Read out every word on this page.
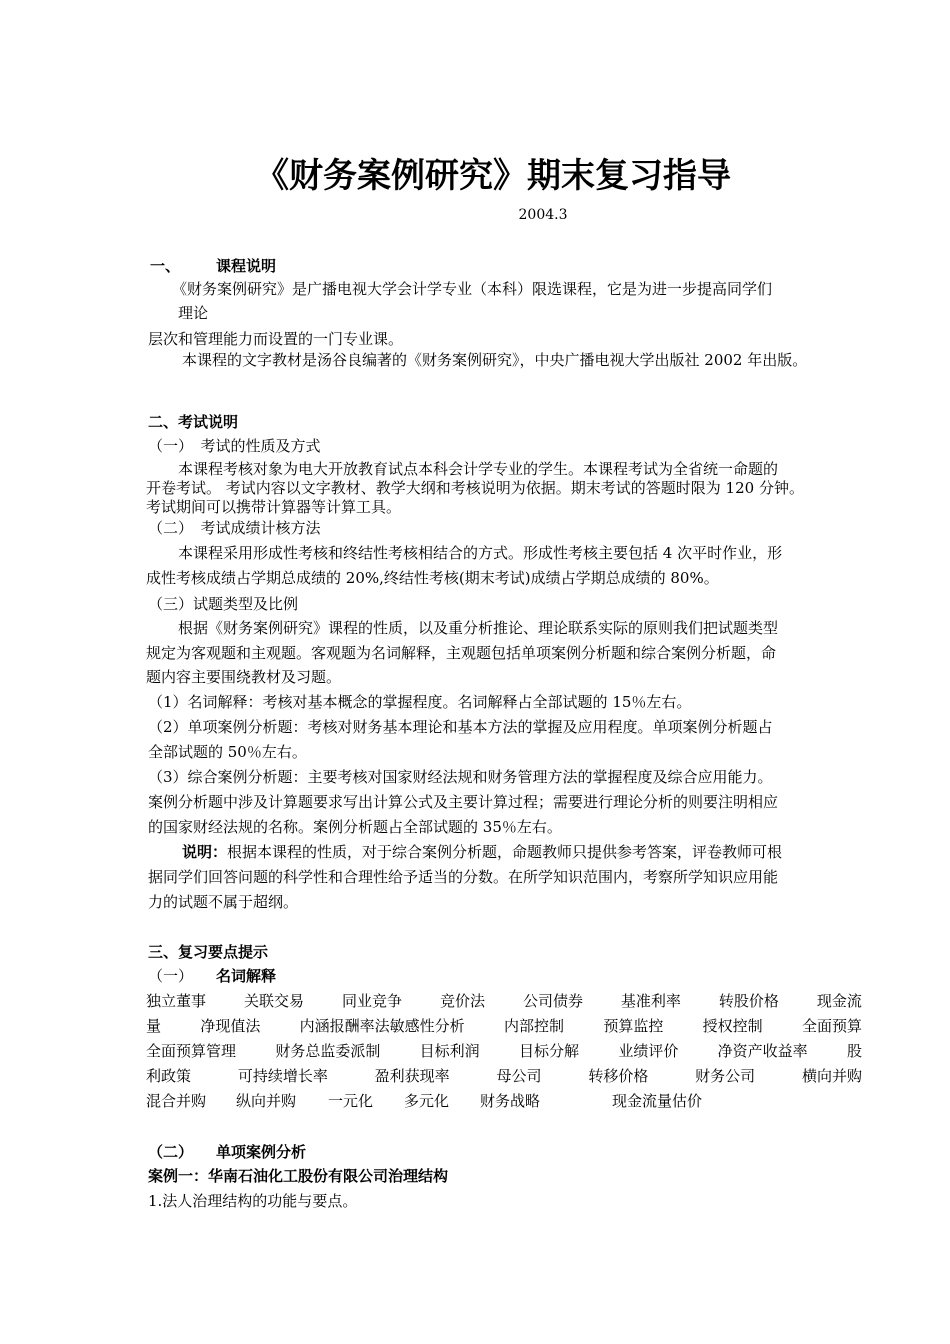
《财务案例研究》期末复习指导
2004.3
一、 课程说明
《财务案例研究》是广播电视大学会计学专业（本科）限选课程，它是为进一步提高同学们
理论
层次和管理能力而设置的一门专业课。
本课程的文字教材是汤谷良编著的《财务案例研究》，中央广播电视大学出版社 2002 年出版。
二、考试说明
（一）　考试的性质及方式
本课程考核对象为电大开放教育试点本科会计学专业的学生。本课程考试为全省统一命题的
开卷考试。 考试内容以文字教材、教学大纲和考核说明为依据。期末考试的答题时限为 120 分钟。
考试期间可以携带计算器等计算工具。
（二）　考试成绩计核方法
本课程采用形成性考核和终结性考核相结合的方式。形成性考核主要包括 4 次平时作业，形
成性考核成绩占学期总成绩的 20%,终结性考核(期末考试)成绩占学期总成绩的 80%。
（三）试题类型及比例
根据《财务案例研究》课程的性质，以及重分析推论、理论联系实际的原则我们把试题类型
规定为客观题和主观题。客观题为名词解释，主观题包括单项案例分析题和综合案例分析题，命
题内容主要围绕教材及习题。
（1）名词解释：考核对基本概念的掌握程度。名词解释占全部试题的 15％左右。
（2）单项案例分析题：考核对财务基本理论和基本方法的掌握及应用程度。单项案例分析题占
全部试题的 50％左右。
（3）综合案例分析题：主要考核对国家财经法规和财务管理方法的掌握程度及综合应用能力。
案例分析题中涉及计算题要求写出计算公式及主要计算过程；需要进行理论分析的则要注明相应
的国家财经法规的名称。案例分析题占全部试题的 35％左右。
说明：根据本课程的性质，对于综合案例分析题，命题教师只提供参考答案，评卷教师可根
据同学们回答问题的科学性和合理性给予适当的分数。在所学知识范围内，考察所学知识应用能
力的试题不属于超纲。
三、复习要点提示
（一） 名词解释
独立董事	关联交易	同业竞争	竞价法	公司债券	基准利率	转股价格	现金流
量	净现值法	内涵报酬率法敏感性分析	内部控制	预算监控	授权控制	全面预算
全面预算管理	财务总监委派制	目标利润	目标分解	业绩评价	净资产收益率	股
利政策	可持续增长率	盈利获现率	母公司	转移价格	财务公司	横向并购
混合并购 纵向并购 一元化 多元化 财务战略	现金流量估价
（二） 单项案例分析
案例一：华南石油化工股份有限公司治理结构
1.法人治理结构的功能与要点。
